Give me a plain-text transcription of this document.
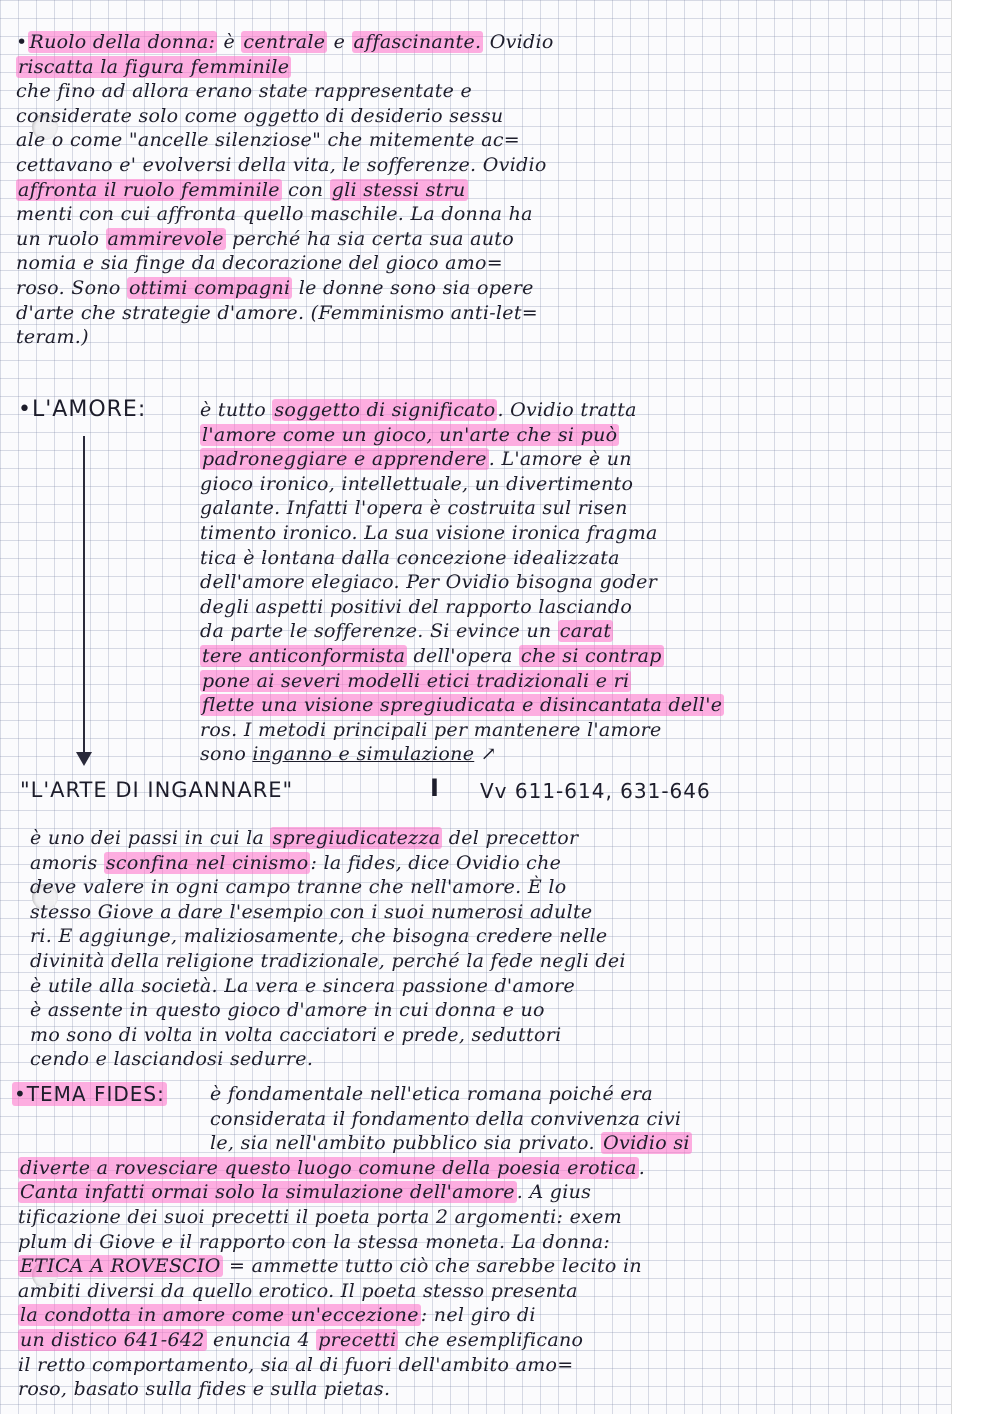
• Ruolo della donna: è centrale e affascinante. Ovidio
riscatta la figura femminile
che fino ad allora erano state rappresentate e
considerate solo come oggetto di desiderio sessu
ale o come "ancelle silenziose" che mitemente ac=
cettavano e' evolversi della vita, le sofferenze. Ovidio
affronta il ruolo femminile con gli stessi stru
menti con cui affronta quello maschile. La donna ha
un ruolo ammirevole perché ha sia certa sua auto
nomia e sia finge da decorazione del gioco amo=
roso. Sono ottimi compagni le donne sono sia opere
d'arte che strategie d'amore. (Femminismo anti-let=
teram.)
•L'AMORE:	è tutto soggetto di significato . Ovidio tratta
l'amore come un gioco, un'arte che si può
padroneggiare e apprendere . L'amore è un
gioco ironico, intellettuale, un divertimento
galante. Infatti l'opera è costruita sul risen
timento ironico. La sua visione ironica fragma
tica è lontana dalla concezione idealizzata
dell'amore elegiaco. Per Ovidio bisogna goder
degli aspetti positivi del rapporto lasciando
da parte le sofferenze. Si evince un carat
tere anticonformista dell'opera che si contrap
pone ai severi modelli etici tradizionali e ri
flette una visione spregiudicata e disincantata dell'e
ros. I metodi principali per mantenere l'amore
sono inganno e simulazione ↗
"L'ARTE DI INGANNARE"	I Vv 611-614, 631-646
è uno dei passi in cui la spregiudicatezza del precettor
amoris sconfina nel cinismo : la fides, dice Ovidio che
deve valere in ogni campo tranne che nell'amore. È lo
stesso Giove a dare l'esempio con i suoi numerosi adulte
ri. E aggiunge, maliziosamente, che bisogna credere nelle
divinità della religione tradizionale, perché la fede negli dei
è utile alla società. La vera e sincera passione d'amore
è assente in questo gioco d'amore in cui donna e uo
mo sono di volta in volta cacciatori e prede, seduttori
cendo e lasciandosi sedurre.
•TEMA FIDES: è fondamentale nell'etica romana poiché era
considerata il fondamento della convivenza civi
le, sia nell'ambito pubblico sia privato. Ovidio si
diverte a rovesciare questo luogo comune della poesia erotica .
Canta infatti ormai solo la simulazione dell'amore . A gius
tificazione dei suoi precetti il poeta porta 2 argomenti: exem
plum di Giove e il rapporto con la stessa moneta. La donna:
ETICA A ROVESCIO = ammette tutto ciò che sarebbe lecito in
ambiti diversi da quello erotico. Il poeta stesso presenta
la condotta in amore come un'eccezione : nel giro di
un distico 641-642 enuncia 4 precetti che esemplificano
il retto comportamento, sia al di fuori dell'ambito amo=
roso, basato sulla fides e sulla pietas.
